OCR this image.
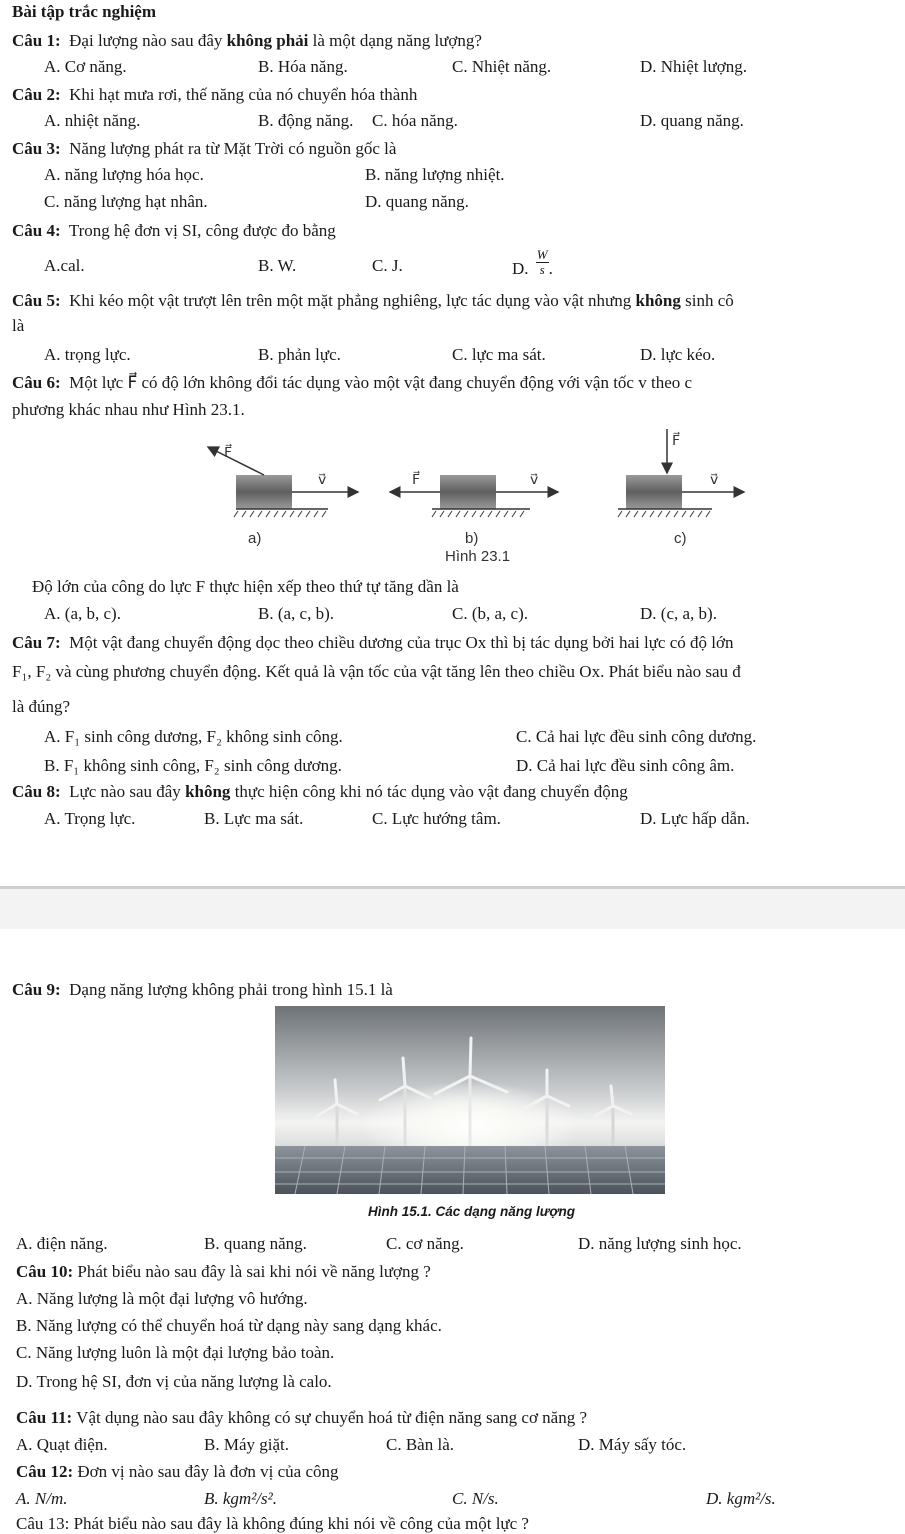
Bài tập trắc nghiệm
Câu 1: Đại lượng nào sau đây không phải là một dạng năng lượng?
A. Cơ năng.	B. Hóa năng.	C. Nhiệt năng.	D. Nhiệt lượng.
Câu 2: Khi hạt mưa rơi, thế năng của nó chuyển hóa thành
A. nhiệt năng.	B. động năng. C. hóa năng.	D. quang năng.
Câu 3: Năng lượng phát ra từ Mặt Trời có nguồn gốc là
A. năng lượng hóa học.	B. năng lượng nhiệt.
C. năng lượng hạt nhân.	D. quang năng.
Câu 4: Trong hệ đơn vị SI, công được đo bằng
A.cal.	B. W.	C. J.	D. $\frac{W}{s}$ .
Câu 5: Khi kéo một vật trượt lên trên một mặt phẳng nghiêng, lực tác dụng vào vật nhưng không sinh cô
là
A. trọng lực.	B. phản lực.	C. lực ma sát.	D. lực kéo.
Câu 6: Một lực F⃗ có độ lớn không đổi tác dụng vào một vật đang chuyển động với vận tốc v theo c
phương khác nhau như Hình 23.1.
F⃗
v⃗
a)
F⃗	v⃗
b)
Hình 23.1
F⃗
v⃗
c)
Độ lớn của công do lực F thực hiện xếp theo thứ tự tăng dần là
A. (a, b, c).	B. (a, c, b).	C. (b, a, c).	D. (c, a, b).
Câu 7: Một vật đang chuyển động dọc theo chiều dương của trục Ox thì bị tác dụng bởi hai lực có độ lớn
F₁, F₂ và cùng phương chuyển động. Kết quả là vận tốc của vật tăng lên theo chiều Ox. Phát biểu nào sau đ
là đúng?
A. F₁ sinh công dương, F₂ không sinh công.	C. Cả hai lực đều sinh công dương.
B. F₁ không sinh công, F₂ sinh công dương.	D. Cả hai lực đều sinh công âm.
Câu 8: Lực nào sau đây không thực hiện công khi nó tác dụng vào vật đang chuyển động
A. Trọng lực.	B. Lực ma sát.	C. Lực hướng tâm.	D. Lực hấp dẫn.
Câu 9: Dạng năng lượng không phải trong hình 15.1 là
Hình 15.1. Các dạng năng lượng
A. điện năng.	B. quang năng.	C. cơ năng.	D. năng lượng sinh học.
Câu 10: Phát biểu nào sau đây là sai khi nói về năng lượng ?
A. Năng lượng là một đại lượng vô hướng.
B. Năng lượng có thể chuyển hoá từ dạng này sang dạng khác.
C. Năng lượng luôn là một đại lượng bảo toàn.
D. Trong hệ SI, đơn vị của năng lượng là calo.
Câu 11: Vật dụng nào sau đây không có sự chuyển hoá từ điện năng sang cơ năng ?
A. Quạt điện.	B. Máy giặt.	C. Bàn là.	D. Máy sấy tóc.
Câu 12: Đơn vị nào sau đây là đơn vị của công
A. N/m.	B. kgm²/s².	C. N/s.	D. kgm²/s.
Câu 13: Phát biểu nào sau đây là không đúng khi nói về công của một lực ?
